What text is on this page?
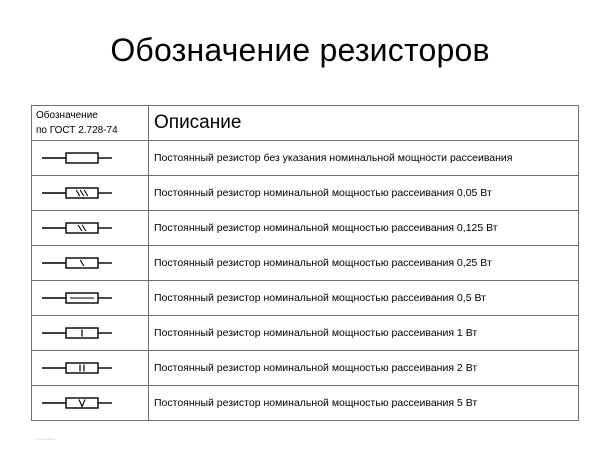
Обозначение резисторов
Обозначение
по ГОСТ 2.728-74	Описание

	Постоянный резистор без указания номинальной мощности рассеивания

	Постоянный резистор номинальной мощностью рассеивания 0,05 Вт

	Постоянный резистор номинальной мощностью рассеивания 0,125 Вт

	Постоянный резистор номинальной мощностью рассеивания 0,25 Вт

	Постоянный резистор номинальной мощностью рассеивания 0,5 Вт

	Постоянный резистор номинальной мощностью рассеивания 1 Вт

	Постоянный резистор номинальной мощностью рассеивания 2 Вт

	Постоянный резистор номинальной мощностью рассеивания 5 Вт
